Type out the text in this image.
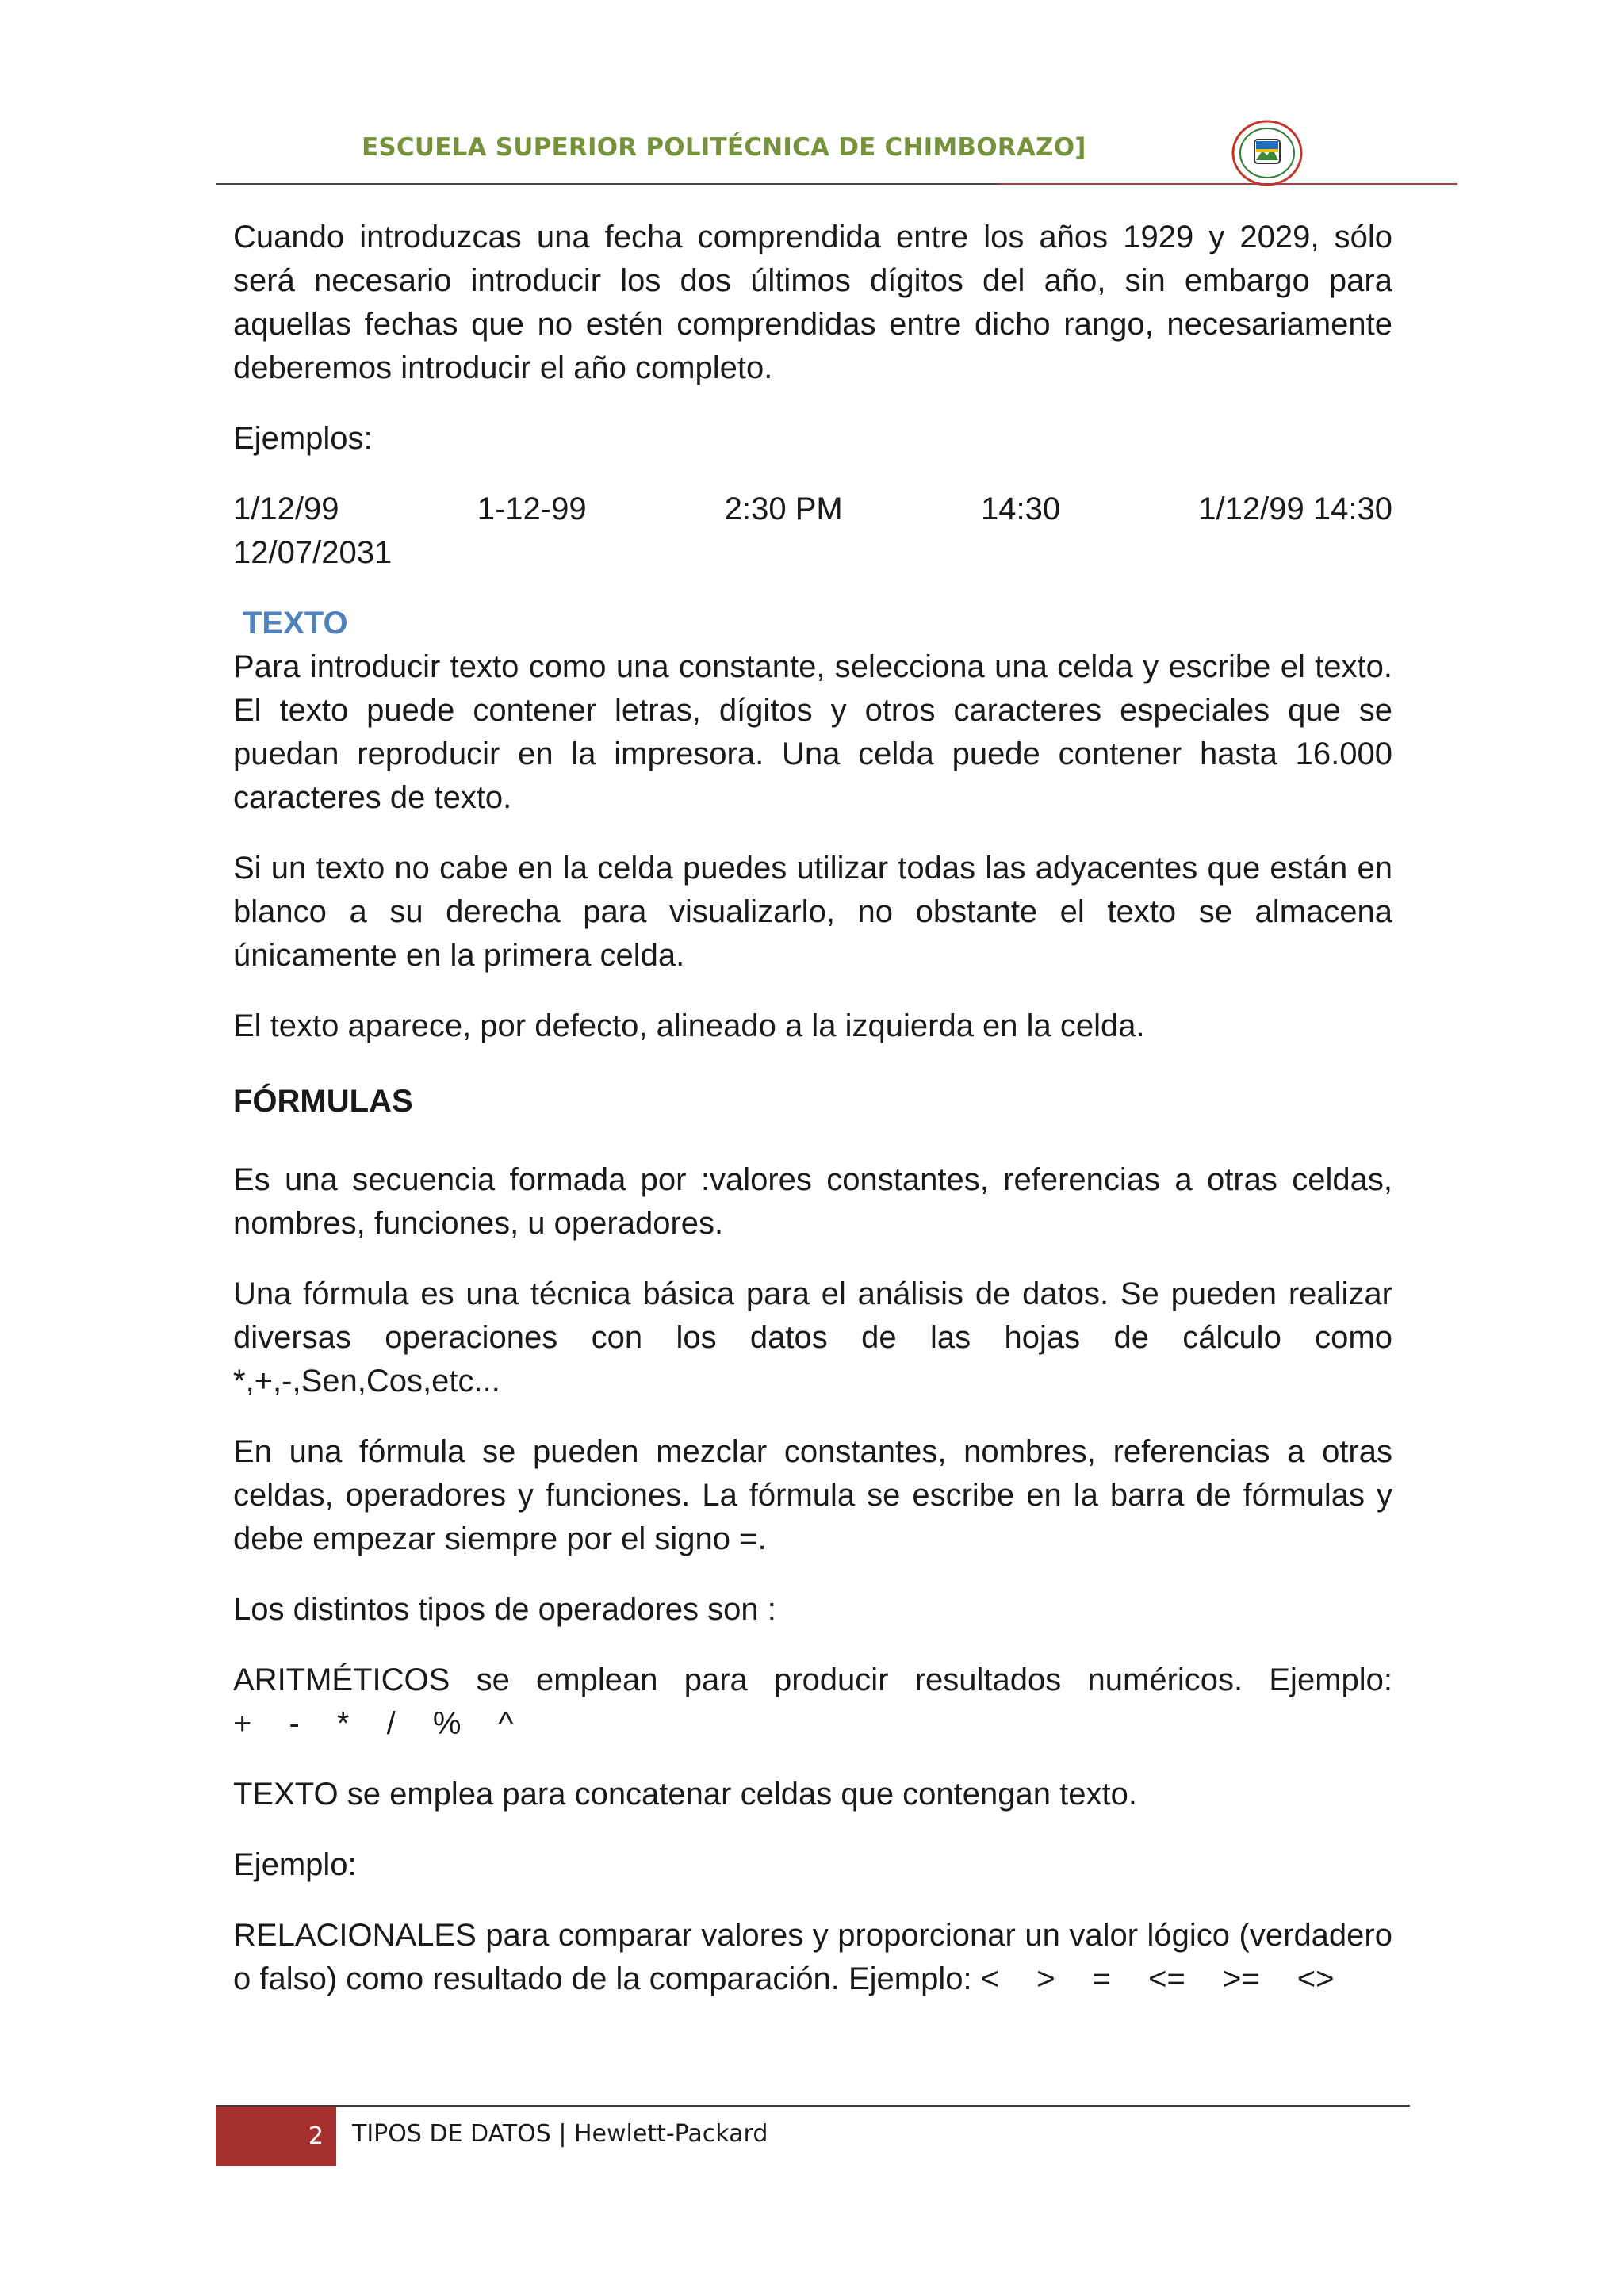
ESCUELA SUPERIOR POLITÉCNICA DE CHIMBORAZO]

Cuando introduzcas una fecha comprendida entre los años 1929 y 2029, sólo será necesario introducir los dos últimos dígitos del año, sin embargo para aquellas fechas que no estén comprendidas entre dicho rango, necesariamente deberemos introducir el año completo.

Ejemplos:

1/12/99	1-12-99	2:30 PM	14:30	1/12/99 14:30
12/07/2031

TEXTO

Para introducir texto como una constante, selecciona una celda y escribe el texto. El texto puede contener letras, dígitos y otros caracteres especiales que se puedan reproducir en la impresora. Una celda puede contener hasta 16.000 caracteres de texto.

Si un texto no cabe en la celda puedes utilizar todas las adyacentes que están en blanco a su derecha para visualizarlo, no obstante el texto se almacena únicamente en la primera celda.

El texto aparece, por defecto, alineado a la izquierda en la celda.

FÓRMULAS

Es una secuencia formada por :valores constantes, referencias a otras celdas, nombres, funciones, u operadores.

Una fórmula es una técnica básica para el análisis de datos. Se pueden realizar diversas operaciones con los datos de las hojas de cálculo como *,+,-,Sen,Cos,etc...

En una fórmula se pueden mezclar constantes, nombres, referencias a otras celdas, operadores y funciones. La fórmula se escribe en la barra de fórmulas y debe empezar siempre por el signo =.

Los distintos tipos de operadores son :

ARITMÉTICOS se emplean para producir resultados numéricos. Ejemplo: + - * / % ^

TEXTO se emplea para concatenar celdas que contengan texto.

Ejemplo:

RELACIONALES para comparar valores y proporcionar un valor lógico (verdadero o falso) como resultado de la comparación. Ejemplo: < > = <= >= <>

2 TIPOS DE DATOS | Hewlett-Packard
